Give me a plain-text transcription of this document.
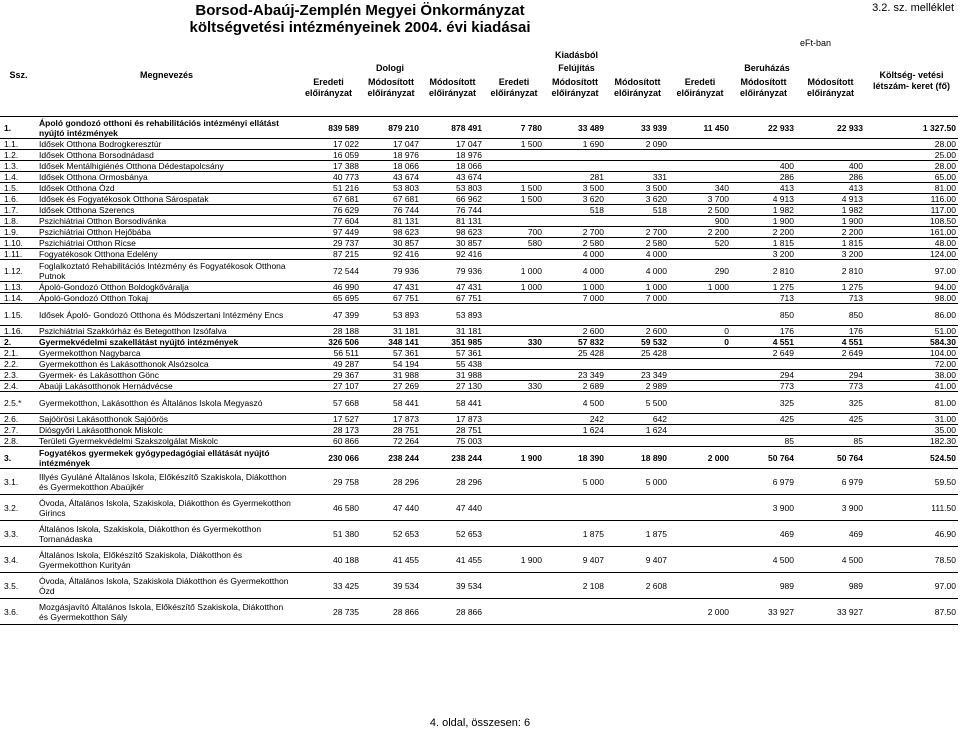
Borsod-Abaúj-Zemplén Megyei Önkormányzat
költségvetési intézményeinek 2004. évi kiadásai
3.2. sz. melléklet
eFt-ban
Ssz.	Megnevezés				Kiadásból						Költség- vetési létszám- keret (fő)
		Dologi			Felújítás			Beruházás			
		Eredeti előirányzat	Módosított előirányzat	Módosított előirányzat	Eredeti előirányzat	Módosított előirányzat	Módosított előirányzat	Eredeti előirányzat	Módosított előirányzat	Módosított előirányzat	

1.	Ápoló gondozó otthoni és rehabilitációs intézményi ellátást nyújtó intézmények	839 589	879 210	878 491	7 780	33 489	33 939	11 450	22 933	22 933	1 327.50
1.1.	Idősek Otthona Bodrogkeresztúr	17 022	17 047	17 047	1 500	1 690	2 090				28.00
1.2.	Idősek Otthona Borsodnádasd	16 059	18 976	18 976							25.00
1.3.	Idősek Mentálhigiénés Otthona Dédestapolcsány	17 388	18 066	18 066					400	400	28.00
1.4.	Idősek Otthona Ormosbánya	40 773	43 674	43 674		281	331		286	286	65.00
1.5.	Idősek Otthona Ózd	51 216	53 803	53 803	1 500	3 500	3 500	340	413	413	81.00
1.6.	Idősek és Fogyatékosok Otthona Sárospatak	67 681	67 681	66 962	1 500	3 620	3 620	3 700	4 913	4 913	116.00
1.7.	Idősek Otthona Szerencs	76 629	76 744	76 744		518	518	2 500	1 982	1 982	117.00
1.8.	Pszichiátriai Otthon Borsodivánka	77 604	81 131	81 131				900	1 900	1 900	108.50
1.9.	Pszichiátriai Otthon Hejőbába	97 449	98 623	98 623	700	2 700	2 700	2 200	2 200	2 200	161.00
1.10.	Pszichiátriai Otthon Ricse	29 737	30 857	30 857	580	2 580	2 580	520	1 815	1 815	48.00
1.11.	Fogyatékosok Otthona Edelény	87 215	92 416	92 416		4 000	4 000		3 200	3 200	124.00
1.12.	Foglalkoztató Rehabilitációs Intézmény és Fogyatékosok Otthona Putnok	72 544	79 936	79 936	1 000	4 000	4 000	290	2 810	2 810	97.00
1.13.	Ápoló-Gondozó Otthon Boldogkőváralja	46 990	47 431	47 431	1 000	1 000	1 000	1 000	1 275	1 275	94.00
1.14.	Ápoló-Gondozó Otthon Tokaj	65 695	67 751	67 751		7 000	7 000		713	713	98.00
1.15.	Idősek Ápoló- Gondozó Otthona és Módszertani Intézmény Encs	47 399	53 893	53 893					850	850	86.00
1.16.	Pszichiátriai Szakkórház és Betegotthon Izsófalva	28 188	31 181	31 181		2 600	2 600	0	176	176	51.00
2.	Gyermekvédelmi szakellátást nyújtó intézmények	326 506	348 141	351 985	330	57 832	59 532	0	4 551	4 551	584.30
2.1.	Gyermekotthon Nagybarca	56 511	57 361	57 361		25 428	25 428		2 649	2 649	104.00
2.2.	Gyermekotthon és Lakásotthonok Alsózsolca	49 287	54 194	55 438							72.00
2.3.	Gyermek- és Lakásotthon Gönc	29 367	31 988	31 988		23 349	23 349		294	294	38.00
2.4.	Abaúji Lakásotthonok Hernádvécse	27 107	27 269	27 130	330	2 689	2 989		773	773	41.00
2.5.*	Gyermekotthon, Lakásotthon és Általános Iskola Megyaszó	57 668	58 441	58 441		4 500	5 500		325	325	81.00
2.6.	Sajóörösi Lakásotthonok Sajóörös	17 527	17 873	17 873		242	642		425	425	31.00
2.7.	Diósgyőri Lakásotthonok Miskolc	28 173	28 751	28 751		1 624	1 624				35.00
2.8.	Területi Gyermekvédelmi Szakszolgálat Miskolc	60 866	72 264	75 003					85	85	182.30
3.	Fogyatékos gyermekek gyógypedagógiai ellátását nyújtó intézmények	230 066	238 244	238 244	1 900	18 390	18 890	2 000	50 764	50 764	524.50
3.1.	Illyés Gyuláné Általános Iskola, Előkészítő Szakiskola, Diákotthon és Gyermekotthon Abaújkér	29 758	28 296	28 296		5 000	5 000		6 979	6 979	59.50
3.2.	Óvoda, Általános Iskola, Szakiskola, Diákotthon és Gyermekotthon Girincs	46 580	47 440	47 440					3 900	3 900	111.50
3.3.	Általános Iskola, Szakiskola, Diákotthon és Gyermekotthon Tornanádaska	51 380	52 653	52 653		1 875	1 875		469	469	46.90
3.4.	Általános Iskola, Előkészítő Szakiskola, Diákotthon és Gyermekotthon Kurityán	40 188	41 455	41 455	1 900	9 407	9 407		4 500	4 500	78.50
3.5.	Óvoda, Általános Iskola, Szakiskola Diákotthon és Gyermekotthon Ózd	33 425	39 534	39 534		2 108	2 608		989	989	97.00
3.6.	Mozgásjavító Általános Iskola, Előkészítő Szakiskola, Diákotthon és Gyermekotthon Sály	28 735	28 866	28 866				2 000	33 927	33 927	87.50
4. oldal, összesen: 6
